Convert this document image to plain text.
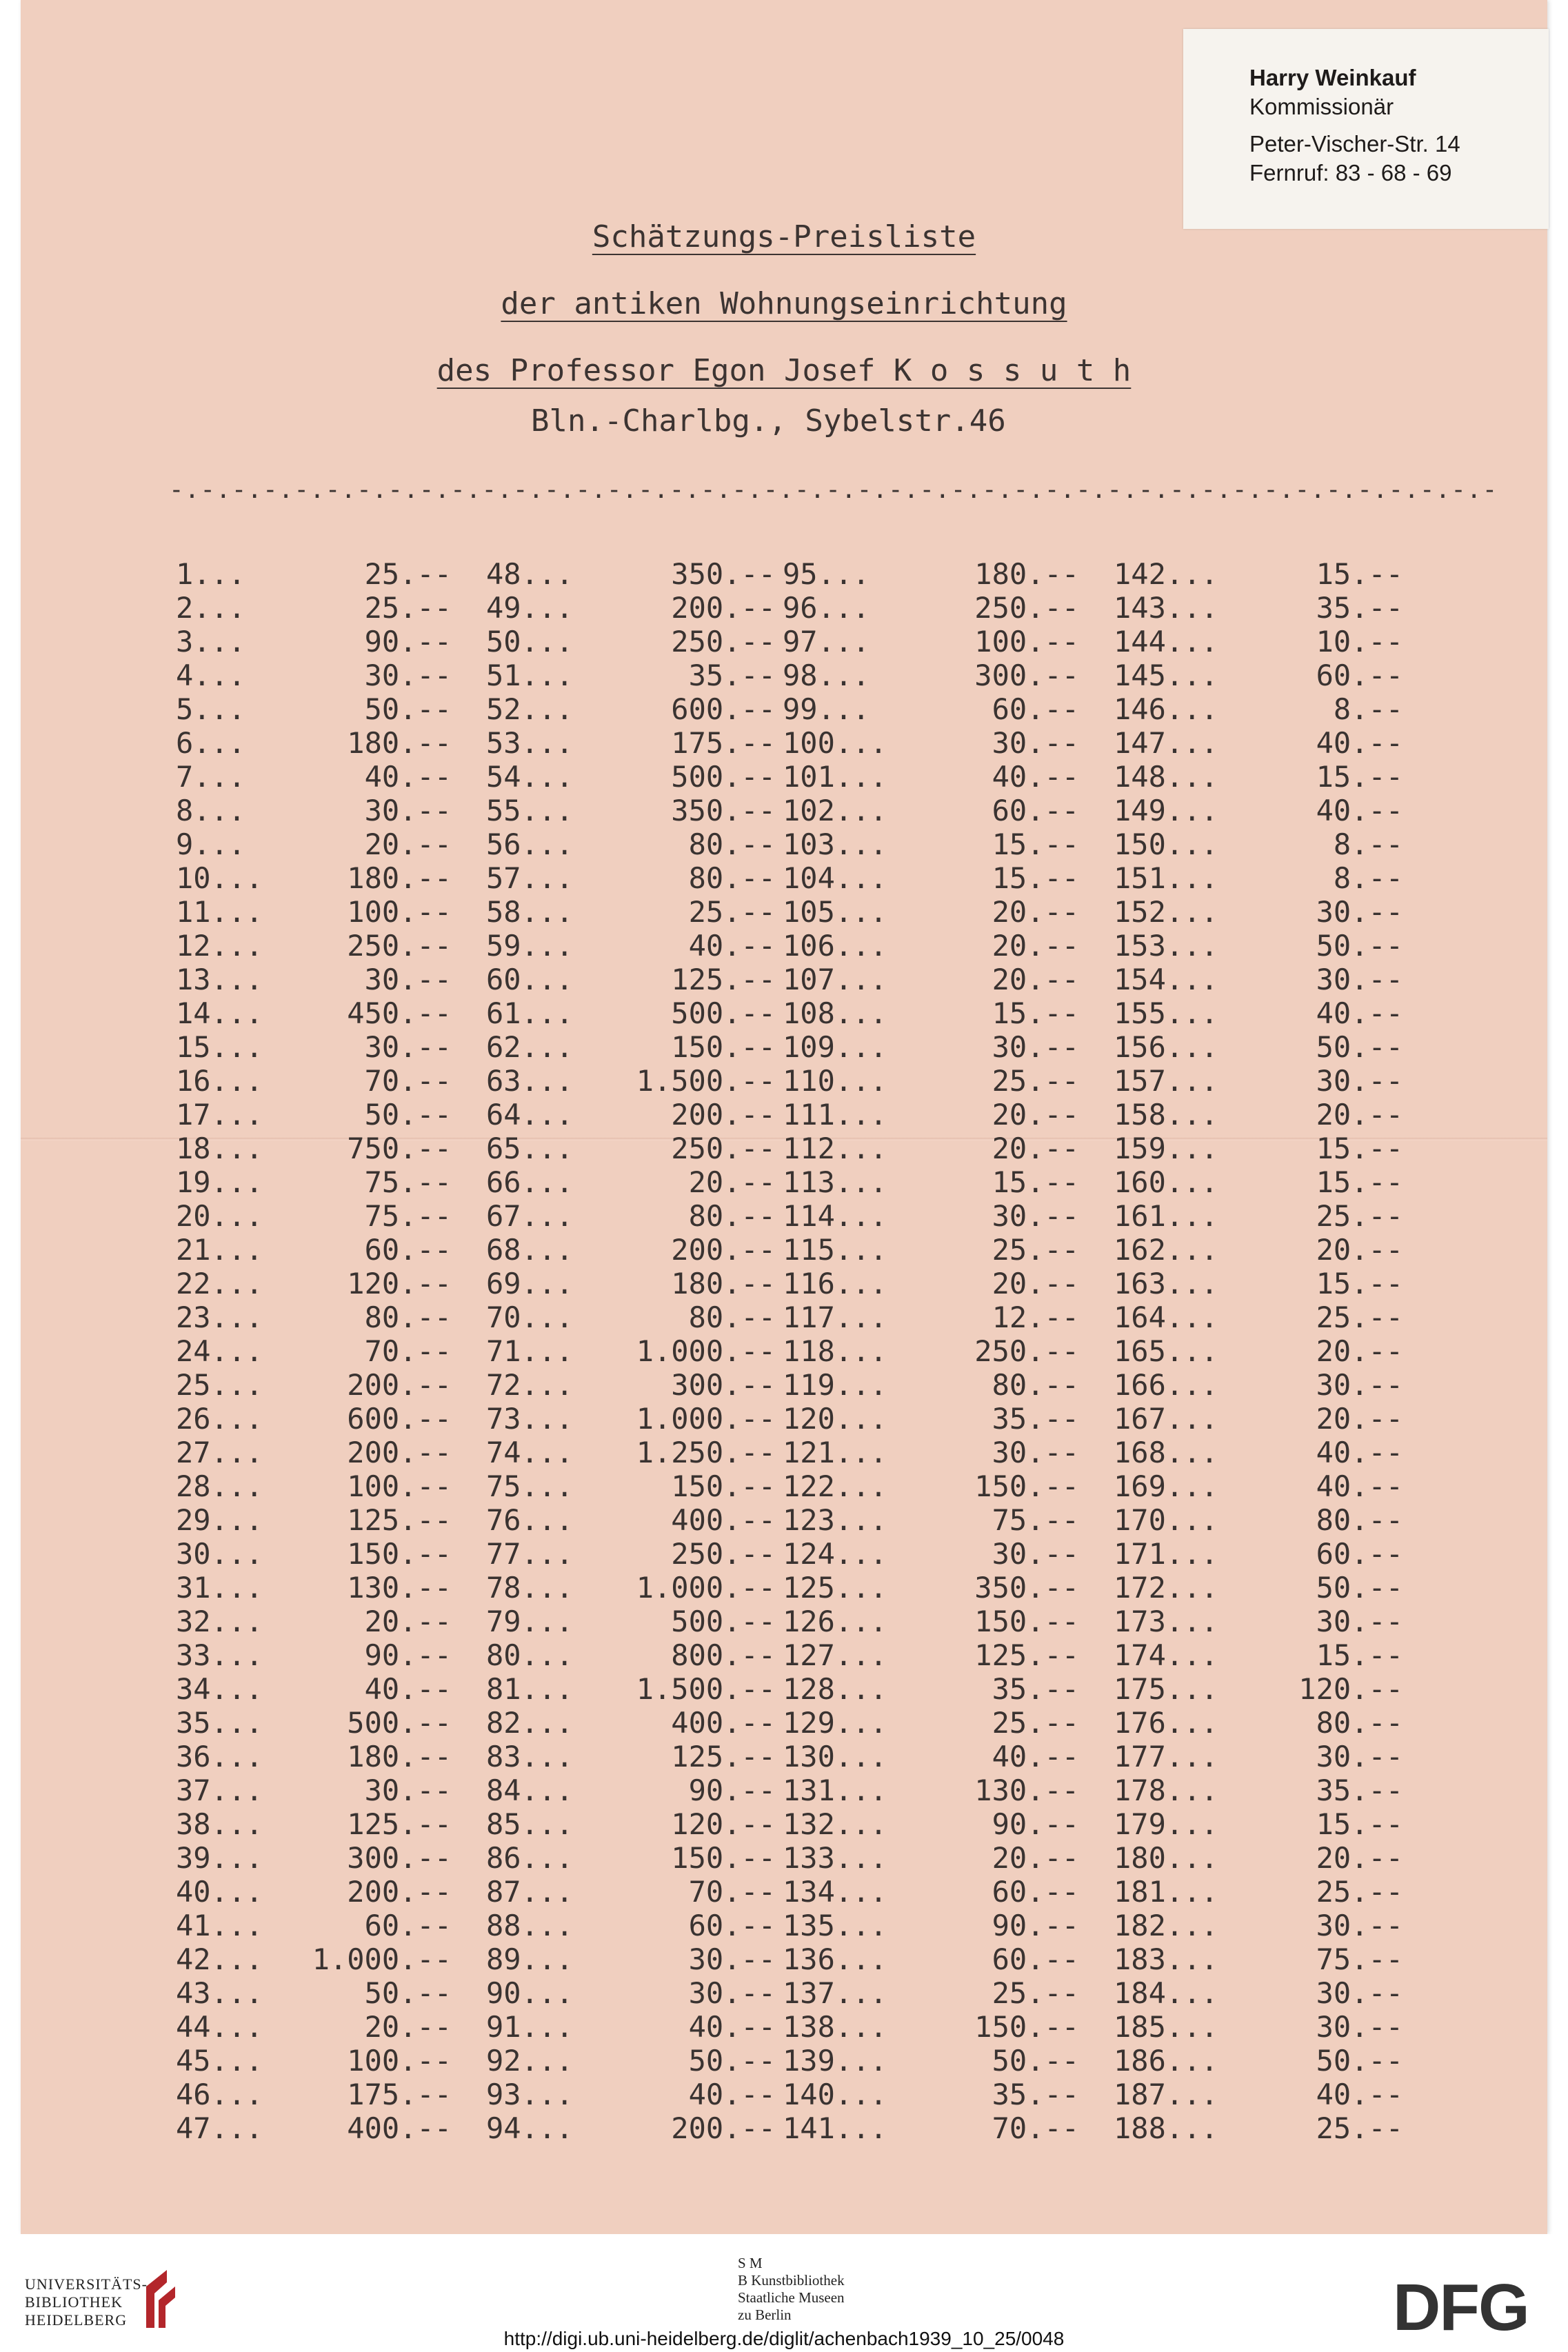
Harry Weinkauf
Kommissionär
Peter-Vischer-Str. 14
Fernruf: 83 - 68 - 69
Schätzungs-Preisliste
der antiken Wohnungseinrichtung
des Professor Egon Josef K o s s u t h
Bln.-Charlbg., Sybelstr.46
-.-.-.-.-.-.-.-.-.-.-.-.-.-.-.-.-.-.-.-.-.-.-.-.-.-.-.-.-.-.-.-.-.-.-.-.-.-.-.-.-.-.-
1...	25.--
2...	25.--
3...	90.--
4...	30.--
5...	50.--
6...	180.--
7...	40.--
8...	30.--
9...	20.--
10...	180.--
11...	100.--
12...	250.--
13...	30.--
14...	450.--
15...	30.--
16...	70.--
17...	50.--
18...	750.--
19...	75.--
20...	75.--
21...	60.--
22...	120.--
23...	80.--
24...	70.--
25...	200.--
26...	600.--
27...	200.--
28...	100.--
29...	125.--
30...	150.--
31...	130.--
32...	20.--
33...	90.--
34...	40.--
35...	500.--
36...	180.--
37...	30.--
38...	125.--
39...	300.--
40...	200.--
41...	60.--
42... 1.000.--
43...	50.--
44...	20.--
45...	100.--
46...	175.--
47...	400.--
48...	350.--
49...	200.--
50...	250.--
51...	35.--
52...	600.--
53...	175.--
54...	500.--
55...	350.--
56...	80.--
57...	80.--
58...	25.--
59...	40.--
60...	125.--
61...	500.--
62...	150.--
63... 1.500.--
64...	200.--
65...	250.--
66...	20.--
67...	80.--
68...	200.--
69...	180.--
70...	80.--
71... 1.000.--
72...	300.--
73... 1.000.--
74... 1.250.--
75...	150.--
76...	400.--
77...	250.--
78... 1.000.--
79...	500.--
80...	800.--
81... 1.500.--
82...	400.--
83...	125.--
84...	90.--
85...	120.--
86...	150.--
87...	70.--
88...	60.--
89...	30.--
90...	30.--
91...	40.--
92...	50.--
93...	40.--
94...	200.--
95...	180.--
96...	250.--
97...	100.--
98...	300.--
99...	60.--
100...	30.--
101...	40.--
102...	60.--
103...	15.--
104...	15.--
105...	20.--
106...	20.--
107...	20.--
108...	15.--
109...	30.--
110...	25.--
111...	20.--
112...	20.--
113...	15.--
114...	30.--
115...	25.--
116...	20.--
117...	12.--
118...	250.--
119...	80.--
120...	35.--
121...	30.--
122...	150.--
123...	75.--
124...	30.--
125...	350.--
126...	150.--
127...	125.--
128...	35.--
129...	25.--
130...	40.--
131...	130.--
132...	90.--
133...	20.--
134...	60.--
135...	90.--
136...	60.--
137...	25.--
138...	150.--
139...	50.--
140...	35.--
141...	70.--
142...	15.--
143...	35.--
144...	10.--
145...	60.--
146...	8.--
147...	40.--
148...	15.--
149...	40.--
150...	8.--
151...	8.--
152...	30.--
153...	50.--
154...	30.--
155...	40.--
156...	50.--
157...	30.--
158...	20.--
159...	15.--
160...	15.--
161...	25.--
162...	20.--
163...	15.--
164...	25.--
165...	20.--
166...	30.--
167...	20.--
168...	40.--
169...	40.--
170...	80.--
171...	60.--
172...	50.--
173...	30.--
174...	15.--
175...	120.--
176...	80.--
177...	30.--
178...	35.--
179...	15.--
180...	20.--
181...	25.--
182...	30.--
183...	75.--
184...	30.--
185...	30.--
186...	50.--
187...	40.--
188...	25.--
UNIVERSITÄTS-
BIBLIOTHEK
HEIDELBERG
S M
B Kunstbibliothek
Staatliche Museen
zu Berlin	DFG
http://digi.ub.uni-heidelberg.de/diglit/achenbach1939_10_25/0048
